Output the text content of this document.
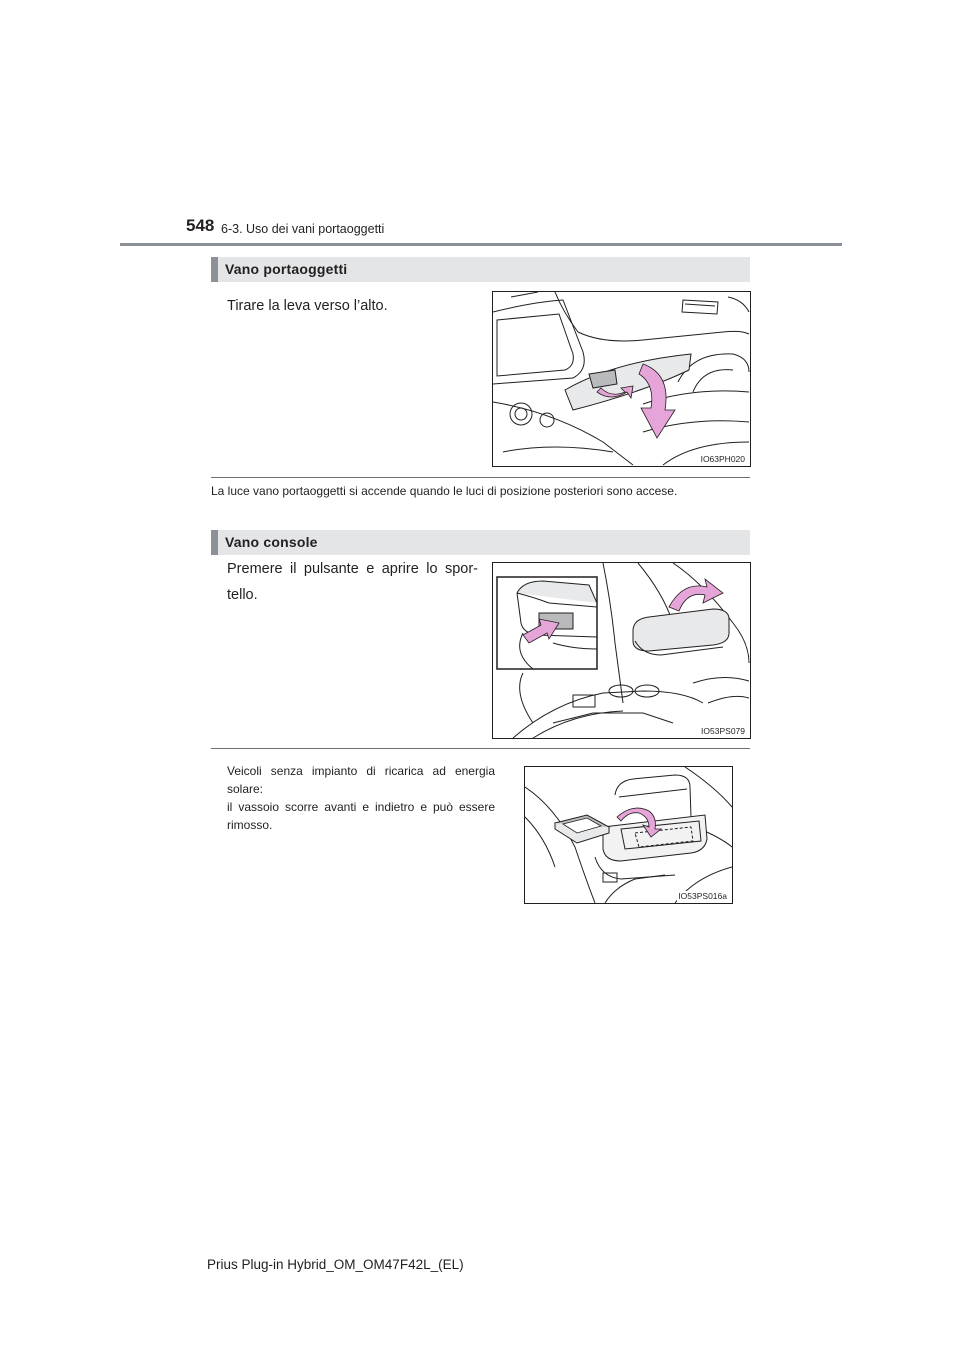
548 6-3. Uso dei vani portaoggetti
Vano portaoggetti
Tirare la leva verso l’alto.
IO63PH020
La luce vano portaoggetti si accende quando le luci di posizione posteriori sono accese.
Vano console
Premere il pulsante e aprire lo spor-
tello.
IO53PS079
Veicoli senza impianto di ricarica ad energia
solare:
il vassoio scorre avanti e indietro e può essere
rimosso.
IO53PS016a
Prius Plug-in Hybrid_OM_OM47F42L_(EL)
